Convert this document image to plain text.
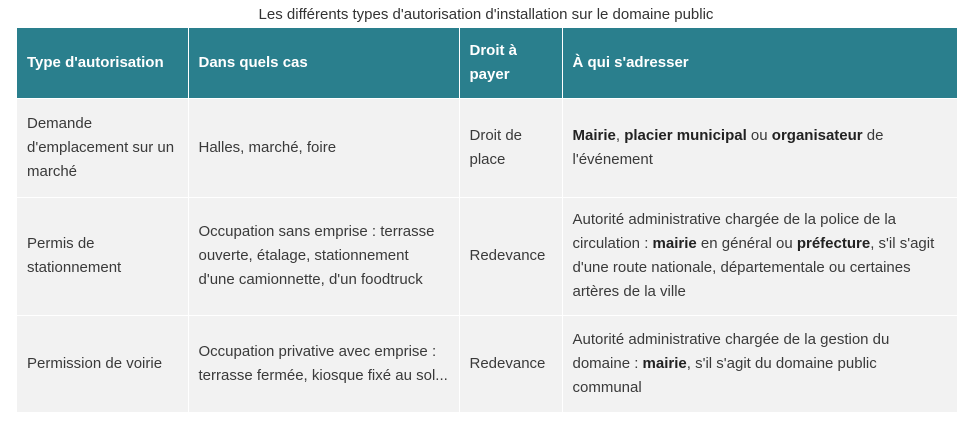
Les différents types d'autorisation d'installation sur le domaine public
Type d'autorisation	Dans quels cas	Droit à payer	À qui s'adresser
Demande d'emplacement sur un marché	Halles, marché, foire	Droit de place	Mairie, placier municipal ou organisateur de l'événement
Permis de stationnement	Occupation sans emprise : terrasse ouverte, étalage, stationnement d'une camionnette, d'un foodtruck	Redevance	Autorité administrative chargée de la police de la circulation : mairie en général ou préfecture, s'il s'agit d'une route nationale, départementale ou certaines artères de la ville
Permission de voirie	Occupation privative avec emprise : terrasse fermée, kiosque fixé au sol...	Redevance	Autorité administrative chargée de la gestion du domaine : mairie, s'il s'agit du domaine public communal
